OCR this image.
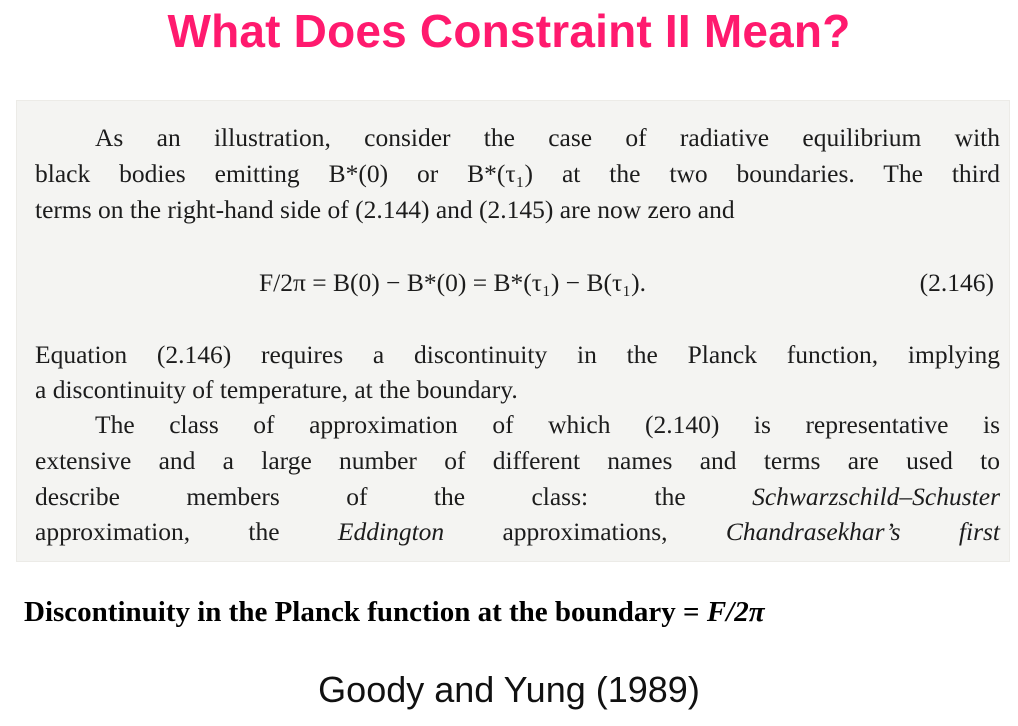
What Does Constraint II Mean?
As an illustration, consider the case of radiative equilibrium with
black bodies emitting B*(0) or B*(τ₁) at the two boundaries. The third
terms on the right-hand side of (2.144) and (2.145) are now zero and
F/2π = B(0) − B*(0) = B*(τ₁) − B(τ₁).	(2.146)
Equation (2.146) requires a discontinuity in the Planck function, implying
a discontinuity of temperature, at the boundary.
The class of approximation of which (2.140) is representative is
extensive and a large number of different names and terms are used to
describe members of the class: the Schwarzschild–Schuster
approximation, the Eddington approximations, Chandrasekhar’s first

Discontinuity in the Planck function at the boundary = F/2π

Goody and Yung (1989)
